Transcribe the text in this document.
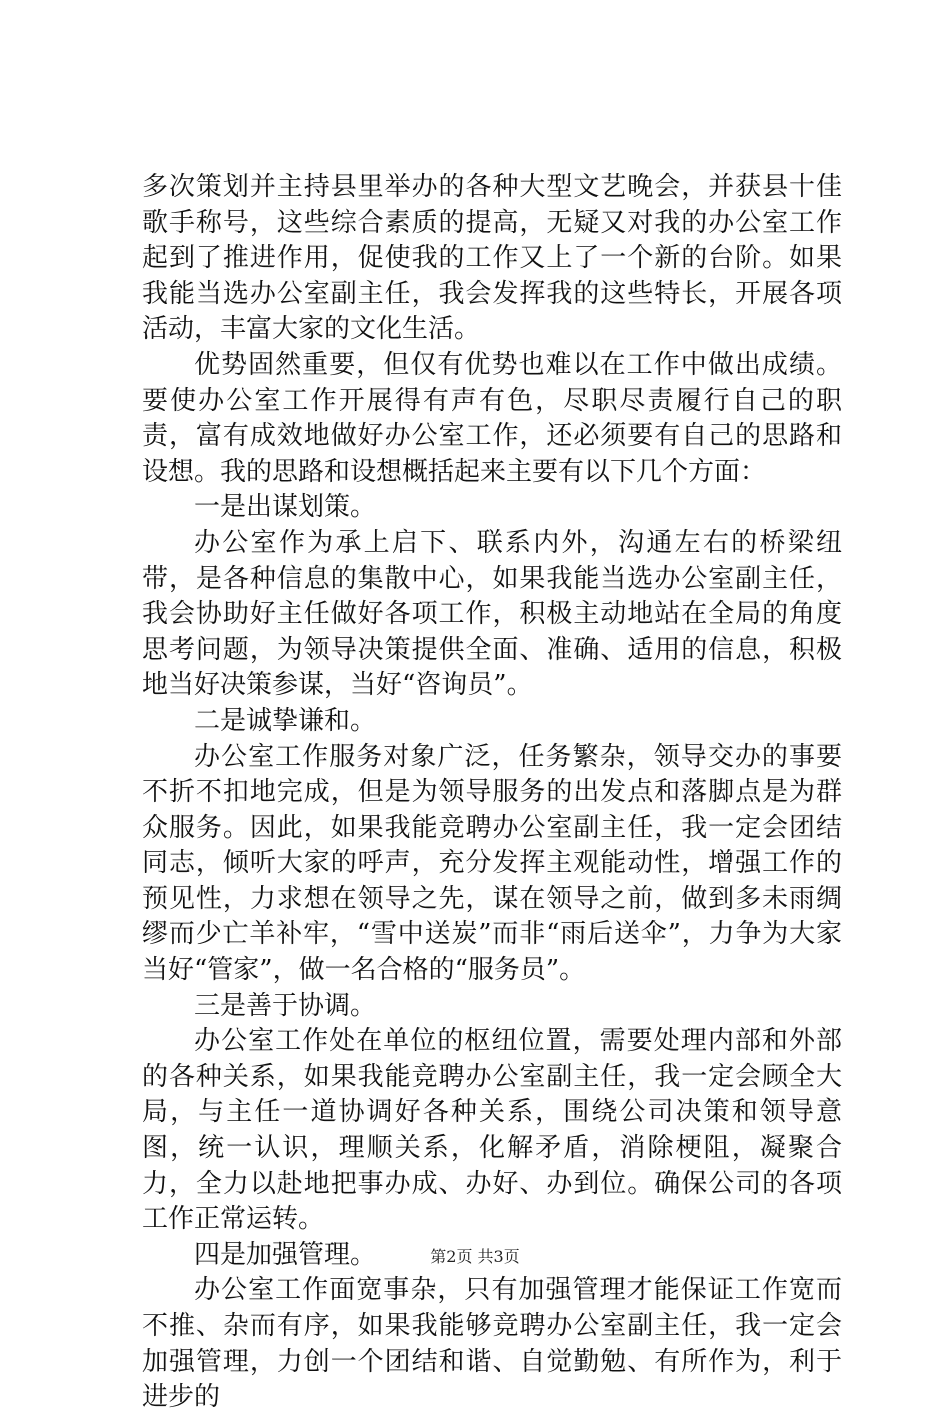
多次策划并主持县里举办的各种大型文艺晚会，并获县十佳歌手称号，这些综合素质的提高，无疑又对我的办公室工作起到了推进作用，促使我的工作又上了一个新的台阶。如果我能当选办公室副主任，我会发挥我的这些特长，开展各项活动，丰富大家的文化生活。

优势固然重要，但仅有优势也难以在工作中做出成绩。要使办公室工作开展得有声有色，尽职尽责履行自己的职责，富有成效地做好办公室工作，还必须要有自己的思路和设想。我的思路和设想概括起来主要有以下几个方面：

一是出谋划策。

办公室作为承上启下、联系内外，沟通左右的桥梁纽带，是各种信息的集散中心，如果我能当选办公室副主任，我会协助好主任做好各项工作，积极主动地站在全局的角度思考问题，为领导决策提供全面、准确、适用的信息，积极地当好决策参谋，当好“咨询员”。

二是诚挚谦和。

办公室工作服务对象广泛，任务繁杂，领导交办的事要不折不扣地完成，但是为领导服务的出发点和落脚点是为群众服务。因此，如果我能竞聘办公室副主任，我一定会团结同志，倾听大家的呼声，充分发挥主观能动性，增强工作的预见性，力求想在领导之先，谋在领导之前，做到多未雨绸缪而少亡羊补牢，“雪中送炭”而非“雨后送伞”，力争为大家当好“管家”，做一名合格的“服务员”。

三是善于协调。

办公室工作处在单位的枢纽位置，需要处理内部和外部的各种关系，如果我能竞聘办公室副主任，我一定会顾全大局，与主任一道协调好各种关系，围绕公司决策和领导意图，统一认识，理顺关系，化解矛盾，消除梗阻，凝聚合力，全力以赴地把事办成、办好、办到位。确保公司的各项工作正常运转。

四是加强管理。

办公室工作面宽事杂，只有加强管理才能保证工作宽而不推、杂而有序，如果我能够竞聘办公室副主任，我一定会加强管理，力创一个团结和谐、自觉勤勉、有所作为，利于进步的

第2页 共3页
